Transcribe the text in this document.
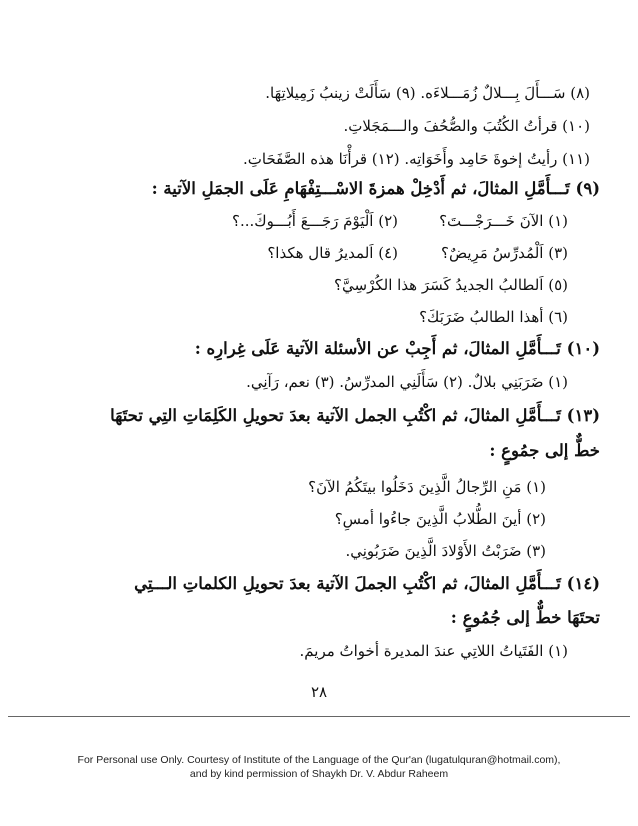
(٨) سَـــأَلَ بِـــلالٌ زُمَـــلاءَه. (٩) سَأَلَتْ زينبُ زَمِيلاتِهَا.
(١٠) قرأتُ الكُتُبَ والصُّحُفَ والـــمَجَلاتِ.
(١١) رأيتُ إخوةَ حَامِد وأَخَوَاتِه. (١٢) قرأْنَا هذه الصَّفَحَاتِ.
(٩) تَـــأَمَّلِ المثالَ، ثم أَدْخِلْ همزةَ الاسْـــتِفْهَامِ عَلَى الجمَلِ الآتية :
(١) الآنَ خَـــرَجْـــتَ؟
(٢) اَلْيَوْمَ رَجَـــعَ أَبُـــوكَ...؟
(٣) اَلْمُدرِّسُ مَرِيضٌ؟
(٤) اَلمديرُ قال هكذا؟
(٥) اَلطالبُ الجديدُ كَسَرَ هذا الكُرْسِيَّ؟
(٦) أهذا الطالبُ ضَرَبَكَ؟
(١٠) تَـــأَمَّلِ المثالَ، ثم أَجِبْ عن الأسئلة الآتية عَلَى غِرارِه :
(١) ضَرَبَنِي بلالٌ. (٢) سَأَلَنِي المدرِّسُ. (٣) نعم، رَآنِي.
(١٣) تَـــأَمَّلِ المثالَ، ثم اكْتُبِ الجمل الآتية بعدَ تحويلِ الكَلِمَاتِ التِي تحتَهَا
خطٌّ إلى جمُوعٍ :
(١) مَنِ الرِّجالُ الَّذِينَ دَخَلُوا بيتَكُمُ الآنَ؟
(٢) أينَ الطُّلابُ الَّذِينَ جاءُوا أمسِ؟
(٣) ضَرَبْتُ الأَوْلادَ الَّذِينَ ضَرَبُونِي.
(١٤) تَـــأَمَّلِ المثالَ، ثم اكْتُبِ الجملَ الآتية بعدَ تحويلِ الكلماتِ الـــتِي
تحتَهَا خطٌّ إلى جُمُوعٍ :
(١) الفَتَياتُ اللاتِي عندَ المديرة أخواتُ مريمَ.
٢٨
For Personal use Only. Courtesy of Institute of the Language of the Qur'an (lugatulquran@hotmail.com),
and by kind permission of Shaykh Dr. V. Abdur Raheem
